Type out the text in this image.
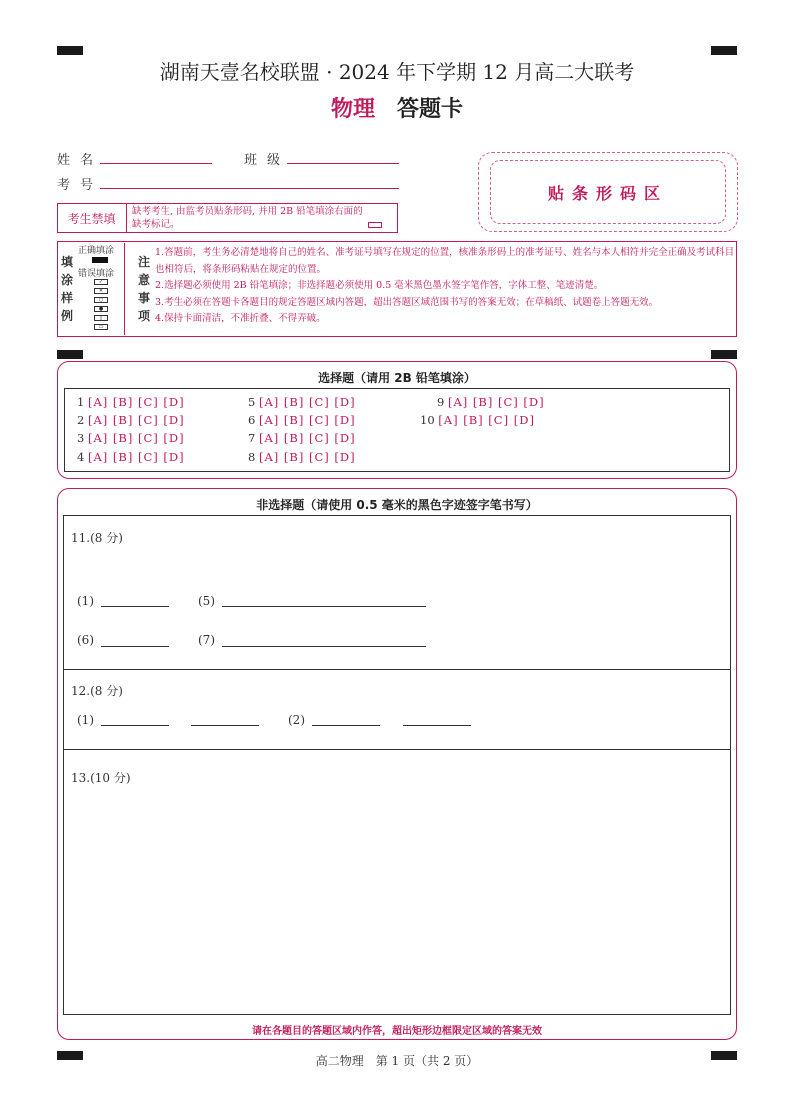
湖南天壹名校联盟 · 2024 年下学期 12 月高二大联考
物理 答题卡
姓名	班级
考号	贴条形码区
考生禁填	缺考考生, 由监考员贴条形码, 并用 2B 铅笔填涂右面的缺考标记。
填
涂
样
例
正确填涂
错误填涂
✓
✕
○
●
▯
▭
注
意
事
项
1.答题前，考生务必清楚地将自己的姓名、准考证号填写在规定的位置，核准条形码上的准考证号、姓名与本人相符并完全正确及考试科目也相符后，将条形码粘贴在规定的位置。
2.选择题必须使用 2B 铅笔填涂；非选择题必须使用 0.5 毫米黑色墨水签字笔作答，字体工整、笔迹清楚。
3.考生必须在答题卡各题目的规定答题区域内答题，超出答题区域范围书写的答案无效；在草稿纸、试题卷上答题无效。
4.保持卡面清洁，不准折叠、不得弄破。
选择题（请用 2B 铅笔填涂）
1 [A] [B] [C] [D]
2 [A] [B] [C] [D]
3 [A] [B] [C] [D]
4 [A] [B] [C] [D]
5 [A] [B] [C] [D]
6 [A] [B] [C] [D]
7 [A] [B] [C] [D]
8 [A] [B] [C] [D]
9 [A] [B] [C] [D]
10 [A] [B] [C] [D]
非选择题（请使用 0.5 毫米的黑色字迹签字笔书写）
11.(8 分)
(1)	(5)
(6)	(7)
12.(8 分)
(1)	(2)
13.(10 分)
请在各题目的答题区域内作答，超出矩形边框限定区域的答案无效
高二物理　第 1 页（共 2 页）
